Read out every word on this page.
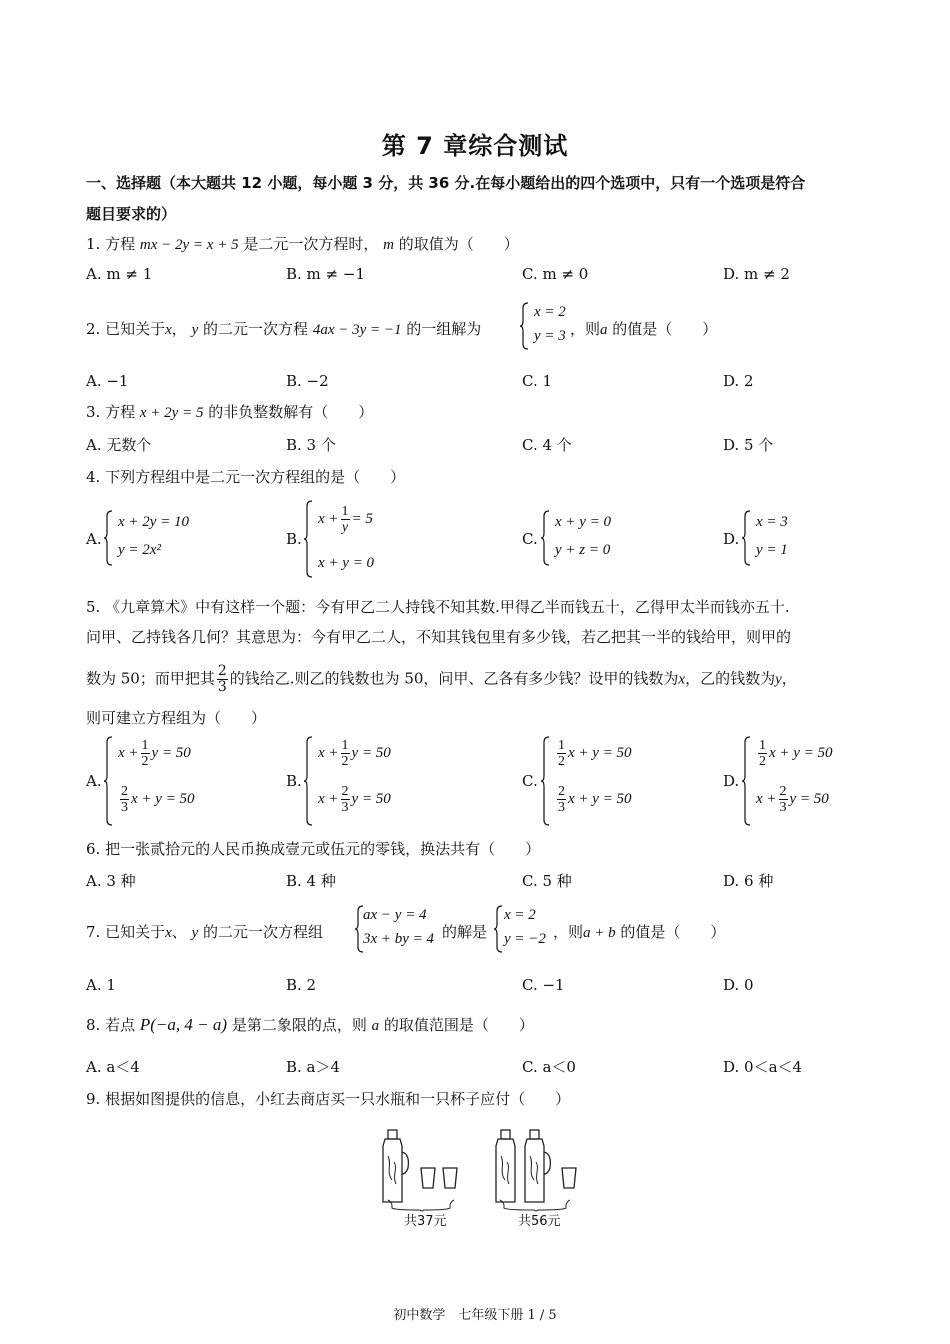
第 7 章综合测试
一、选择题（本大题共 12 小题，每小题 3 分，共 36 分.在每小题给出的四个选项中，只有一个选项是符合
题目要求的）
1. 方程 mx − 2y = x + 5 是二元一次方程时， m 的取值为（　　）
A. m ≠ 1	B. m ≠ −1	C. m ≠ 0	D. m ≠ 2
2. 已知关于x， y 的二元一次方程 4ax − 3y = −1 的一组解为
x = 2
y = 3 ，则a 的值是（　　）
A. −1	B. −2	C. 1	D. 2
3. 方程 x + 2y = 5 的非负整数解有（　　）
A. 无数个	B. 3 个	C. 4 个	D. 5 个
4. 下列方程组中是二元一次方程组的是（　　）
A.
x + 2y = 10
y = 2x²
B.
$x + \frac{1}{y} = 5$
x + y = 0
C.
x + y = 0
y + z = 0
D.
x = 3
y = 1
5. 《九章算术》中有这样一个题：今有甲乙二人持钱不知其数.甲得乙半而钱五十，乙得甲太半而钱亦五十.
问甲、乙持钱各几何？其意思为：今有甲乙二人，不知其钱包里有多少钱，若乙把其一半的钱给甲，则甲的
数为 50；而甲把其 $\frac{2}{3}$ 的钱给乙.则乙的钱数也为 50，问甲、乙各有多少钱？设甲的钱数为x，乙的钱数为y，
则可建立方程组为（　　）
A.
$x + \frac{1}{2}$ y = 50
$\frac{2}{3}$ x + y = 50
B.
$x + \frac{1}{2}$ y = 50
$x + \frac{2}{3}$ y = 50
C.
$\frac{1}{2}$ x + y = 50
$\frac{2}{3}$ x + y = 50
D.
$\frac{1}{2}$ x + y = 50
$x + \frac{2}{3}$ y = 50
6. 把一张贰拾元的人民币换成壹元或伍元的零钱，换法共有（　　）
A. 3 种	B. 4 种	C. 5 种	D. 6 种
7. 已知关于x、 y 的二元一次方程组
ax − y = 4
3x + by = 4 的解是
x = 2
y = −2 ，则a + b 的值是（　　）
A. 1	B. 2	C. −1	D. 0
8. 若点 P(−a, 4 − a) 是第二象限的点，则 a 的取值范围是（　　）
A. a＜4	B. a＞4	C. a＜0	D. 0＜a＜4
9. 根据如图提供的信息，小红去商店买一只水瓶和一只杯子应付（　　）
共37元	共56元
初中数学　七年级下册 1 / 5
